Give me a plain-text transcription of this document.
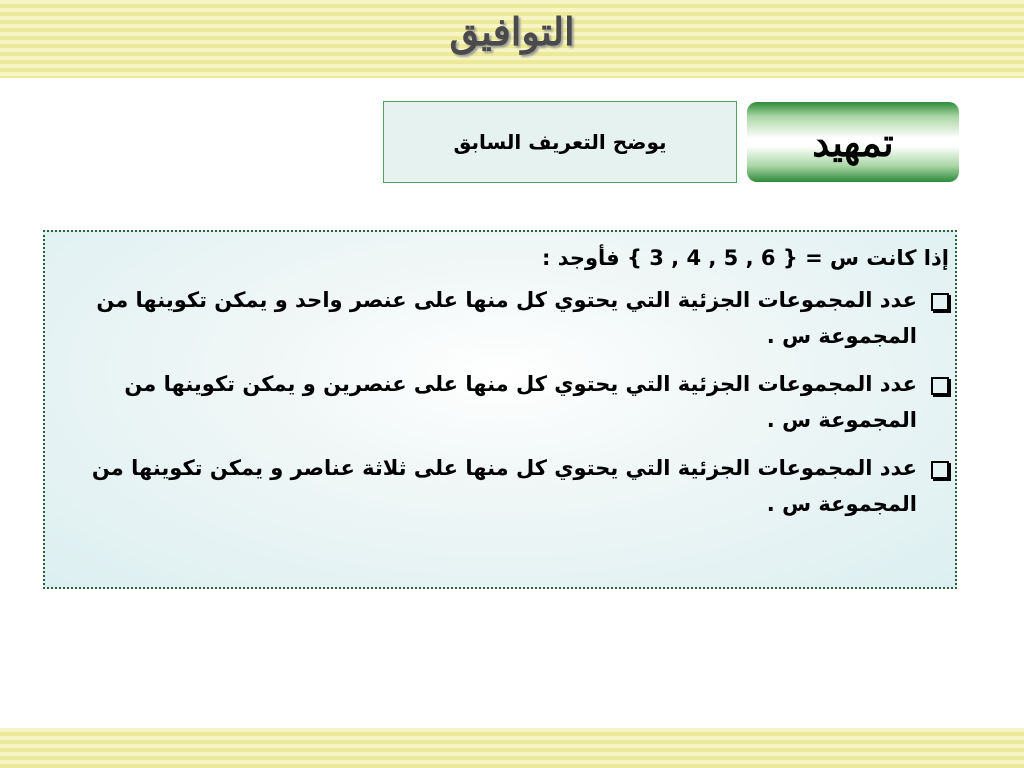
التوافيق
يوضح التعريف السابق	تمهيد
إذا كانت س = { 3 , 4 , 5 , 6 } فأوجد :
عدد المجموعات الجزئية التي يحتوي كل منها على عنصر واحد و يمكن تكوينها من المجموعة س .
عدد المجموعات الجزئية التي يحتوي كل منها على عنصرين و يمكن تكوينها من المجموعة س .
عدد المجموعات الجزئية التي يحتوي كل منها على ثلاثة عناصر و يمكن تكوينها من المجموعة س .
